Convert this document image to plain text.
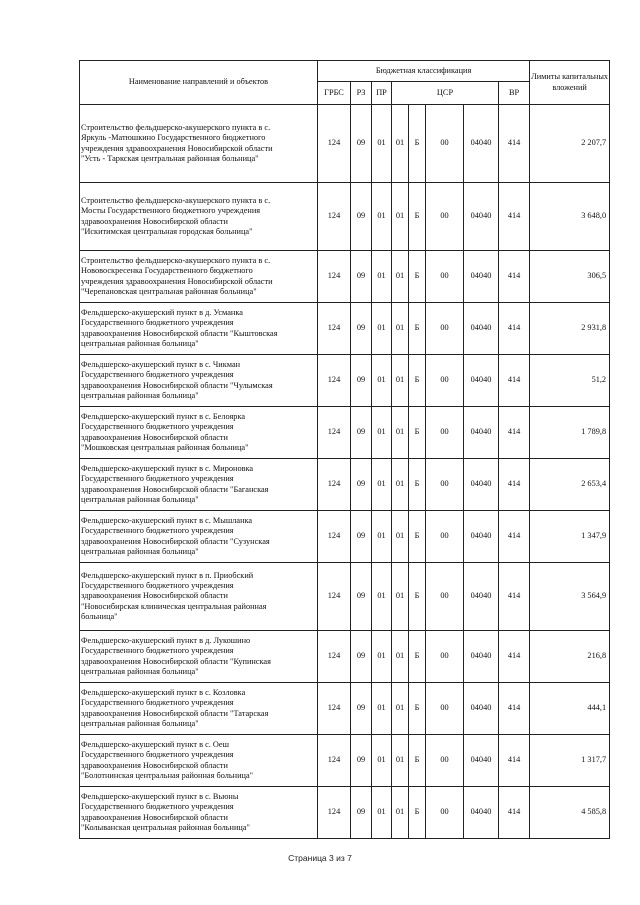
Наименование направлений и объектов	Бюджетная классификация								Лимиты капитальных вложений
	ГРБС	РЗ	ПР	ЦСР				ВР	

Строительство фельдшерско-акушерского пункта в с.
Яркуль -Матюшкино Государственного бюджетного
учреждения здравоохранения Новосибирской области
"Усть - Таркская центральная районная больница"	124	09	01	01	Б	00	04040	414	2 207,7

Строительство фельдшерско-акушерского пункта в с.
Мосты Государственного бюджетного учреждения
здравоохранения Новосибирской области
"Искитимская центральная городская больница"	124	09	01	01	Б	00	04040	414	3 648,0

Строительство фельдшерско-акушерского пункта в с.
Нововоскресенка Государственного бюджетного
учреждения здравоохранения Новосибирской области
"Черепановская центральная районная больница"	124	09	01	01	Б	00	04040	414	306,5

Фельдшерско-акушерский пункт в д. Усманка
Государственного бюджетного учреждения
здравоохранения Новосибирской области "Кыштовская
центральная районная больница"	124	09	01	01	Б	00	04040	414	2 931,8

Фельдшерско-акушерский пункт в с. Чикман
Государственного бюджетного учреждения
здравоохранения Новосибирской области "Чулымская
центральная районная больница"	124	09	01	01	Б	00	04040	414	51,2

Фельдшерско-акушерский пункт в с. Белоярка
Государственного бюджетного учреждения
здравоохранения Новосибирской области
"Мошковская центральная районная больница"	124	09	01	01	Б	00	04040	414	1 789,8

Фельдшерско-акушерский пункт в с. Мироновка
Государственного бюджетного учреждения
здравоохранения Новосибирской области "Баганская
центральная районная больница"	124	09	01	01	Б	00	04040	414	2 653,4

Фельдшерско-акушерский пункт в с. Мышланка
Государственного бюджетного учреждения
здравоохранения Новосибирской области "Сузунская
центральная районная больница"	124	09	01	01	Б	00	04040	414	1 347,9

Фельдшерско-акушерский пункт в п. Приобский
Государственного бюджетного учреждения
здравоохранения Новосибирской области
"Новосибирская клиническая центральная районная
больница"	124	09	01	01	Б	00	04040	414	3 564,9

Фельдшерско-акушерский пункт в д. Лукошино
Государственного бюджетного учреждения
здравоохранения Новосибирской области "Купинская
центральная районная больница"	124	09	01	01	Б	00	04040	414	216,8

Фельдшерско-акушерский пункт в с. Козловка
Государственного бюджетного учреждения
здравоохранения Новосибирской области "Татарская
центральная районная больница"	124	09	01	01	Б	00	04040	414	444,1

Фельдшерско-акушерский пункт в с. Оеш
Государственного бюджетного учреждения
здравоохранения Новосибирской области
"Болотнинская центральная районная больница"	124	09	01	01	Б	00	04040	414	1 317,7

Фельдшерско-акушерский пункт в с. Вьюны
Государственного бюджетного учреждения
здравоохранения Новосибирской области
"Колыванская центральная районная больница"	124	09	01	01	Б	00	04040	414	4 585,8
Страница 3 из 7
